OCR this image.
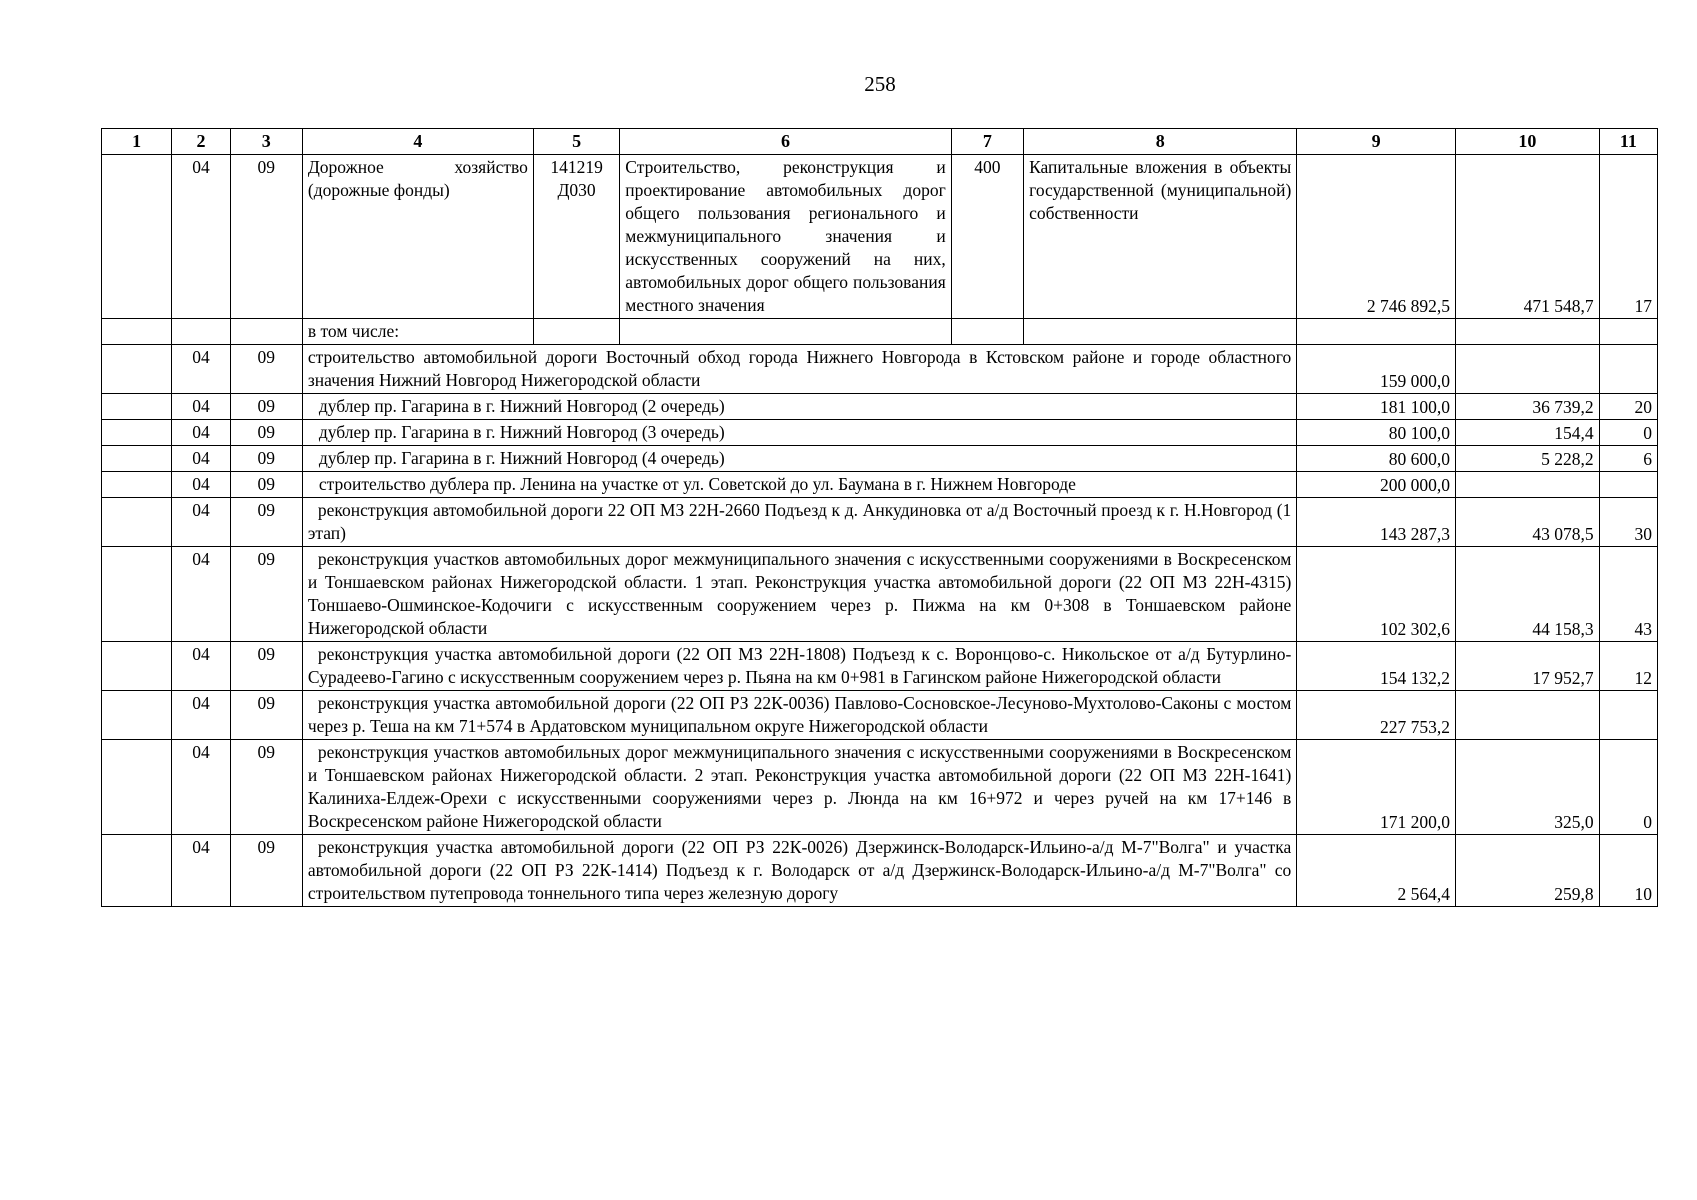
258
1	2	3	4	5	6	7	8	9	10	11
	04	09	Дорожное хозяйство (дорожные фонды)	141219 Д030	Строительство, реконструкция и проектирование автомобильных дорог общего пользования регионального и межмуниципального значения и искусственных сооружений на них, автомобильных дорог общего пользования местного значения	400	Капитальные вложения в объекты государственной (муниципальной) собственности	2 746 892,5	471 548,7	17
			в том числе:							
	04	09	строительство автомобильной дороги Восточный обход города Нижнего Новгорода в Кстовском районе и городе областного значения Нижний Новгород Нижегородской области					159 000,0		
	04	09	дублер пр. Гагарина в г. Нижний Новгород (2 очередь)					181 100,0	36 739,2	20
	04	09	дублер пр. Гагарина в г. Нижний Новгород (3 очередь)					80 100,0	154,4	0
	04	09	дублер пр. Гагарина в г. Нижний Новгород (4 очередь)					80 600,0	5 228,2	6
	04	09	строительство дублера пр. Ленина на участке от ул. Советской до ул. Баумана в г. Нижнем Новгороде					200 000,0		
	04	09	реконструкция автомобильной дороги 22 ОП МЗ 22Н-2660 Подъезд к д. Анкудиновка от а/д Восточный проезд к г. Н.Новгород (1 этап)					143 287,3	43 078,5	30
	04	09	реконструкция участков автомобильных дорог межмуниципального значения с искусственными сооружениями в Воскресенском и Тоншаевском районах Нижегородской области. 1 этап. Реконструкция участка автомобильной дороги (22 ОП МЗ 22Н-4315) Тоншаево-Ошминское-Кодочиги с искусственным сооружением через р. Пижма на км 0+308 в Тоншаевском районе Нижегородской области					102 302,6	44 158,3	43
	04	09	реконструкция участка автомобильной дороги (22 ОП МЗ 22Н-1808) Подъезд к с. Воронцово-с. Никольское от а/д Бутурлино-Сурадеево-Гагино с искусственным сооружением через р. Пьяна на км 0+981 в Гагинском районе Нижегородской области					154 132,2	17 952,7	12
	04	09	реконструкция участка автомобильной дороги (22 ОП РЗ 22К-0036) Павлово-Сосновское-Лесуново-Мухтолово-Саконы с мостом через р. Теша на км 71+574 в Ардатовском муниципальном округе Нижегородской области					227 753,2		
	04	09	реконструкция участков автомобильных дорог межмуниципального значения с искусственными сооружениями в Воскресенском и Тоншаевском районах Нижегородской области. 2 этап. Реконструкция участка автомобильной дороги (22 ОП МЗ 22Н-1641) Калиниха-Елдеж-Орехи с искусственными сооружениями через р. Люнда на км 16+972 и через ручей на км 17+146 в Воскресенском районе Нижегородской области					171 200,0	325,0	0
	04	09	реконструкция участка автомобильной дороги (22 ОП РЗ 22К-0026) Дзержинск-Володарск-Ильино-а/д М-7"Волга" и участка автомобильной дороги (22 ОП РЗ 22К-1414) Подъезд к г. Володарск от а/д Дзержинск-Володарск-Ильино-а/д М-7"Волга" со строительством путепровода тоннельного типа через железную дорогу					2 564,4	259,8	10
